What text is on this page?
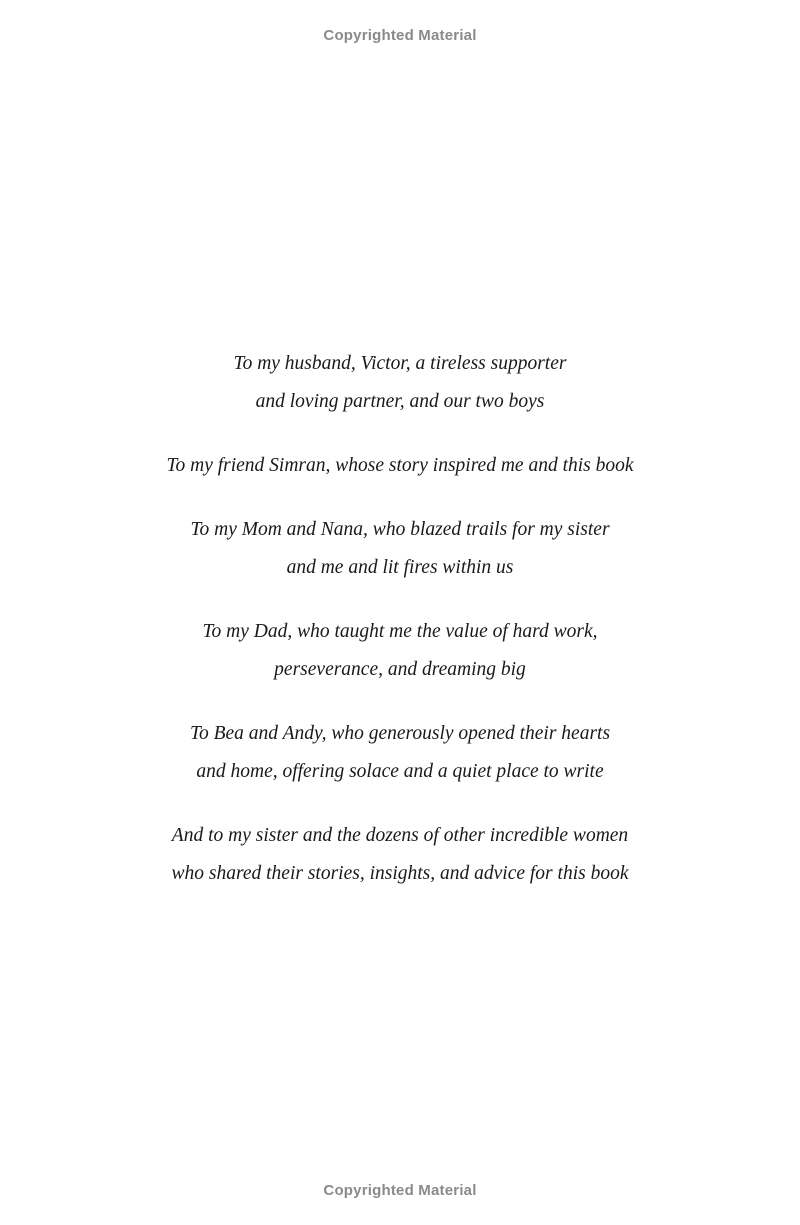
Copyrighted Material
To my husband, Victor, a tireless supporter
and loving partner, and our two boys
To my friend Simran, whose story inspired me and this book
To my Mom and Nana, who blazed trails for my sister
and me and lit fires within us
To my Dad, who taught me the value of hard work,
perseverance, and dreaming big
To Bea and Andy, who generously opened their hearts
and home, offering solace and a quiet place to write
And to my sister and the dozens of other incredible women
who shared their stories, insights, and advice for this book
Copyrighted Material
